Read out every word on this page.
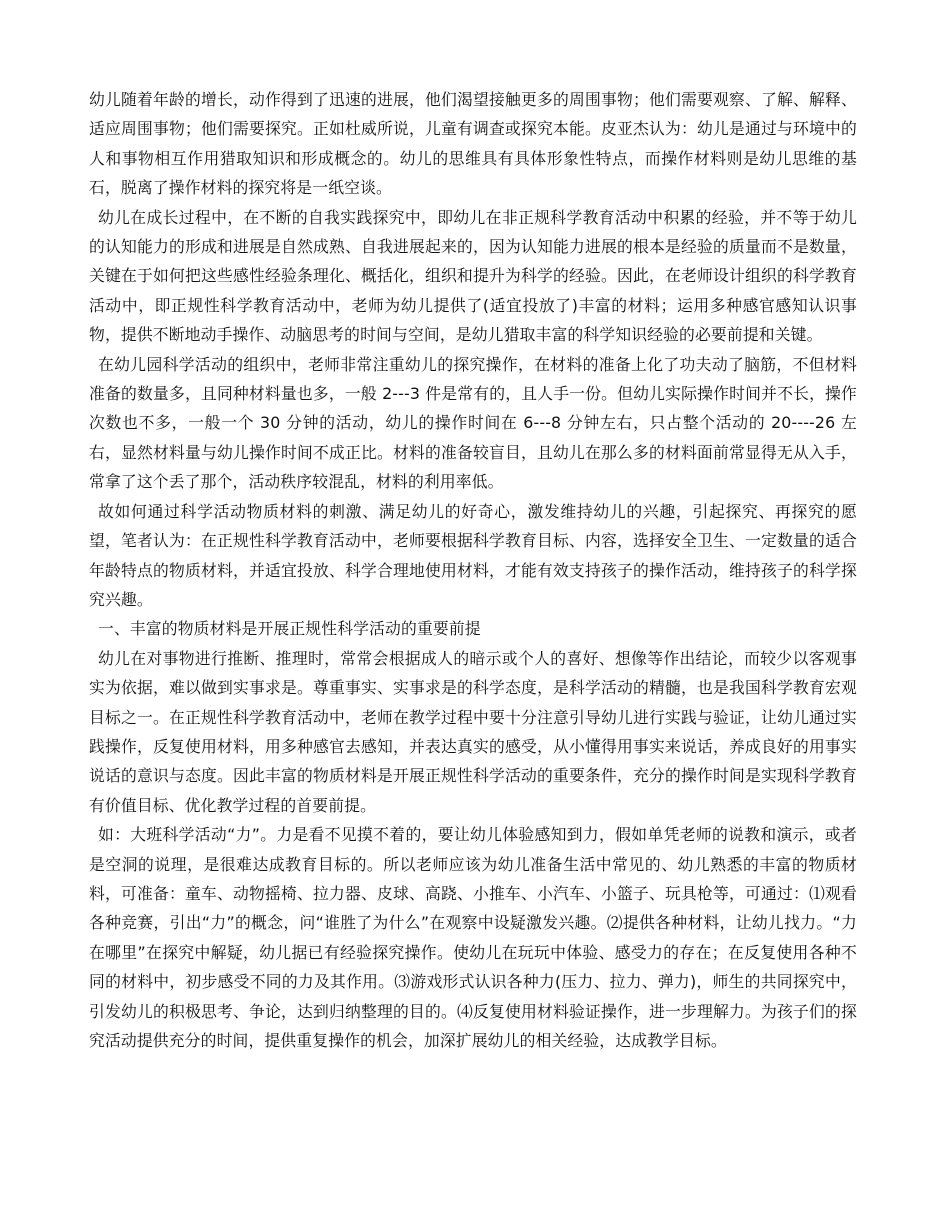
幼儿随着年龄的增长，动作得到了迅速的进展，他们渴望接触更多的周围事物；他们需要观察、了解、解释、适应周围事物；他们需要探究。正如杜威所说，儿童有调查或探究本能。皮亚杰认为：幼儿是通过与环境中的人和事物相互作用猎取知识和形成概念的。幼儿的思维具有具体形象性特点，而操作材料则是幼儿思维的基石，脱离了操作材料的探究将是一纸空谈。

幼儿在成长过程中，在不断的自我实践探究中，即幼儿在非正规科学教育活动中积累的经验，并不等于幼儿的认知能力的形成和进展是自然成熟、自我进展起来的，因为认知能力进展的根本是经验的质量而不是数量，关键在于如何把这些感性经验条理化、概括化，组织和提升为科学的经验。因此，在老师设计组织的科学教育活动中，即正规性科学教育活动中，老师为幼儿提供了(适宜投放了)丰富的材料；运用多种感官感知认识事物，提供不断地动手操作、动脑思考的时间与空间，是幼儿猎取丰富的科学知识经验的必要前提和关键。

在幼儿园科学活动的组织中，老师非常注重幼儿的探究操作，在材料的准备上化了功夫动了脑筋，不但材料准备的数量多，且同种材料量也多，一般 2---3 件是常有的，且人手一份。但幼儿实际操作时间并不长，操作次数也不多，一般一个 30 分钟的活动，幼儿的操作时间在 6---8 分钟左右，只占整个活动的 20----26 左右，显然材料量与幼儿操作时间不成正比。材料的准备较盲目，且幼儿在那么多的材料面前常显得无从入手，常拿了这个丢了那个，活动秩序较混乱，材料的利用率低。

故如何通过科学活动物质材料的刺激、满足幼儿的好奇心，激发维持幼儿的兴趣，引起探究、再探究的愿望，笔者认为：在正规性科学教育活动中，老师要根据科学教育目标、内容，选择安全卫生、一定数量的适合年龄特点的物质材料，并适宜投放、科学合理地使用材料，才能有效支持孩子的操作活动，维持孩子的科学探究兴趣。

一、丰富的物质材料是开展正规性科学活动的重要前提

幼儿在对事物进行推断、推理时，常常会根据成人的暗示或个人的喜好、想像等作出结论，而较少以客观事实为依据，难以做到实事求是。尊重事实、实事求是的科学态度，是科学活动的精髓，也是我国科学教育宏观目标之一。在正规性科学教育活动中，老师在教学过程中要十分注意引导幼儿进行实践与验证，让幼儿通过实践操作，反复使用材料，用多种感官去感知，并表达真实的感受，从小懂得用事实来说话，养成良好的用事实说话的意识与态度。因此丰富的物质材料是开展正规性科学活动的重要条件，充分的操作时间是实现科学教育有价值目标、优化教学过程的首要前提。

如：大班科学活动“力”。力是看不见摸不着的，要让幼儿体验感知到力，假如单凭老师的说教和演示，或者是空洞的说理，是很难达成教育目标的。所以老师应该为幼儿准备生活中常见的、幼儿熟悉的丰富的物质材料，可准备：童车、动物摇椅、拉力器、皮球、高跷、小推车、小汽车、小篮子、玩具枪等，可通过：⑴观看各种竞赛，引出“力”的概念，问“谁胜了为什么”在观察中设疑激发兴趣。⑵提供各种材料，让幼儿找力。“力在哪里”在探究中解疑，幼儿据已有经验探究操作。使幼儿在玩玩中体验、感受力的存在；在反复使用各种不同的材料中，初步感受不同的力及其作用。⑶游戏形式认识各种力(压力、拉力、弹力)，师生的共同探究中，引发幼儿的积极思考、争论，达到归纳整理的目的。⑷反复使用材料验证操作，进一步理解力。为孩子们的探究活动提供充分的时间，提供重复操作的机会，加深扩展幼儿的相关经验，达成教学目标。
